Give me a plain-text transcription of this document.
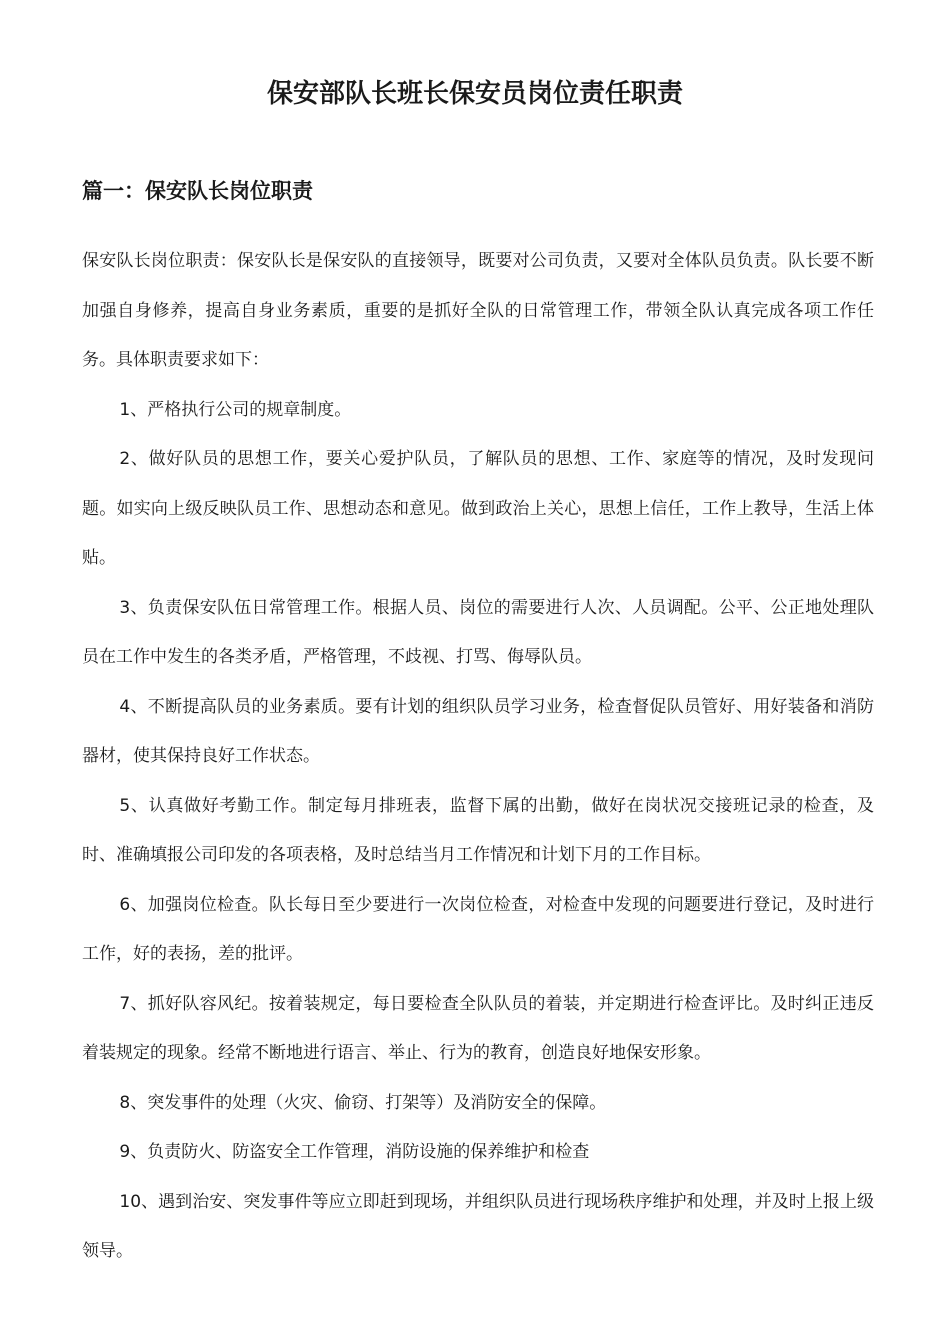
保安部队长班长保安员岗位责任职责
篇一：保安队长岗位职责

保安队长岗位职责：保安队长是保安队的直接领导，既要对公司负责，又要对全体队员负责。队长要不断加强自身修养，提高自身业务素质，重要的是抓好全队的日常管理工作，带领全队认真完成各项工作任务。具体职责要求如下：

1、严格执行公司的规章制度。

2、做好队员的思想工作，要关心爱护队员，了解队员的思想、工作、家庭等的情况，及时发现问题。如实向上级反映队员工作、思想动态和意见。做到政治上关心，思想上信任，工作上教导，生活上体贴。

3、负责保安队伍日常管理工作。根据人员、岗位的需要进行人次、人员调配。公平、公正地处理队员在工作中发生的各类矛盾，严格管理，不歧视、打骂、侮辱队员。

4、不断提高队员的业务素质。要有计划的组织队员学习业务，检查督促队员管好、用好装备和消防器材，使其保持良好工作状态。

5、认真做好考勤工作。制定每月排班表，监督下属的出勤，做好在岗状况交接班记录的检查，及时、准确填报公司印发的各项表格，及时总结当月工作情况和计划下月的工作目标。

6、加强岗位检查。队长每日至少要进行一次岗位检查，对检查中发现的问题要进行登记，及时进行工作，好的表扬，差的批评。

7、抓好队容风纪。按着装规定，每日要检查全队队员的着装，并定期进行检查评比。及时纠正违反着装规定的现象。经常不断地进行语言、举止、行为的教育，创造良好地保安形象。

8、突发事件的处理（火灾、偷窃、打架等）及消防安全的保障。

9、负责防火、防盗安全工作管理，消防设施的保养维护和检查

10、遇到治安、突发事件等应立即赶到现场，并组织队员进行现场秩序维护和处理，并及时上报上级领导。
